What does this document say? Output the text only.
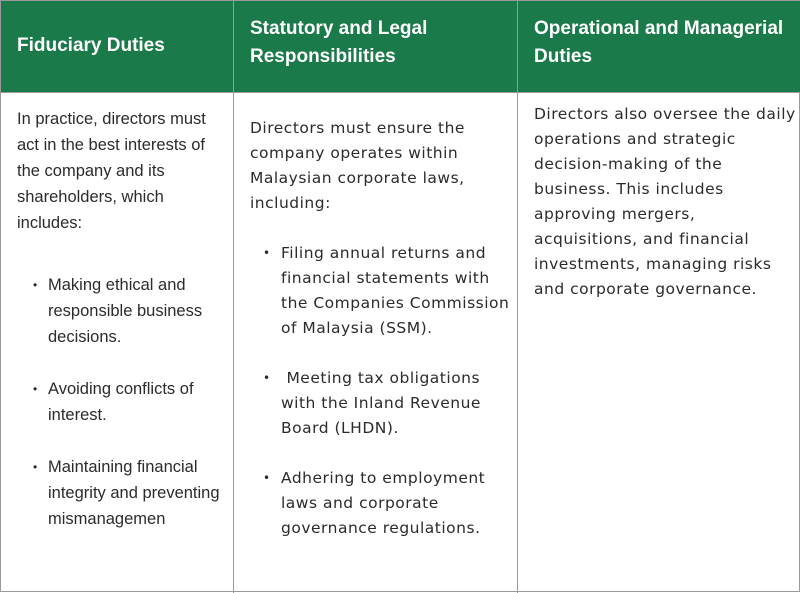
Fiduciary Duties
In practice, directors must act in the best interests of the company and its shareholders, which includes:
• Making ethical and responsible business decisions.
• Avoiding conflicts of interest.
• Maintaining financial integrity and preventing mismanagemen
Statutory and Legal Responsibilities
Directors must ensure the company operates within Malaysian corporate laws, including:
• Filing annual returns and financial statements with the Companies Commission of Malaysia (SSM).
• Meeting tax obligations with the Inland Revenue Board (LHDN).
• Adhering to employment laws and corporate governance regulations.
Operational and Managerial Duties
Directors also oversee the daily operations and strategic decision-making of the business. This includes approving mergers, acquisitions, and financial investments, managing risks and corporate governance.
